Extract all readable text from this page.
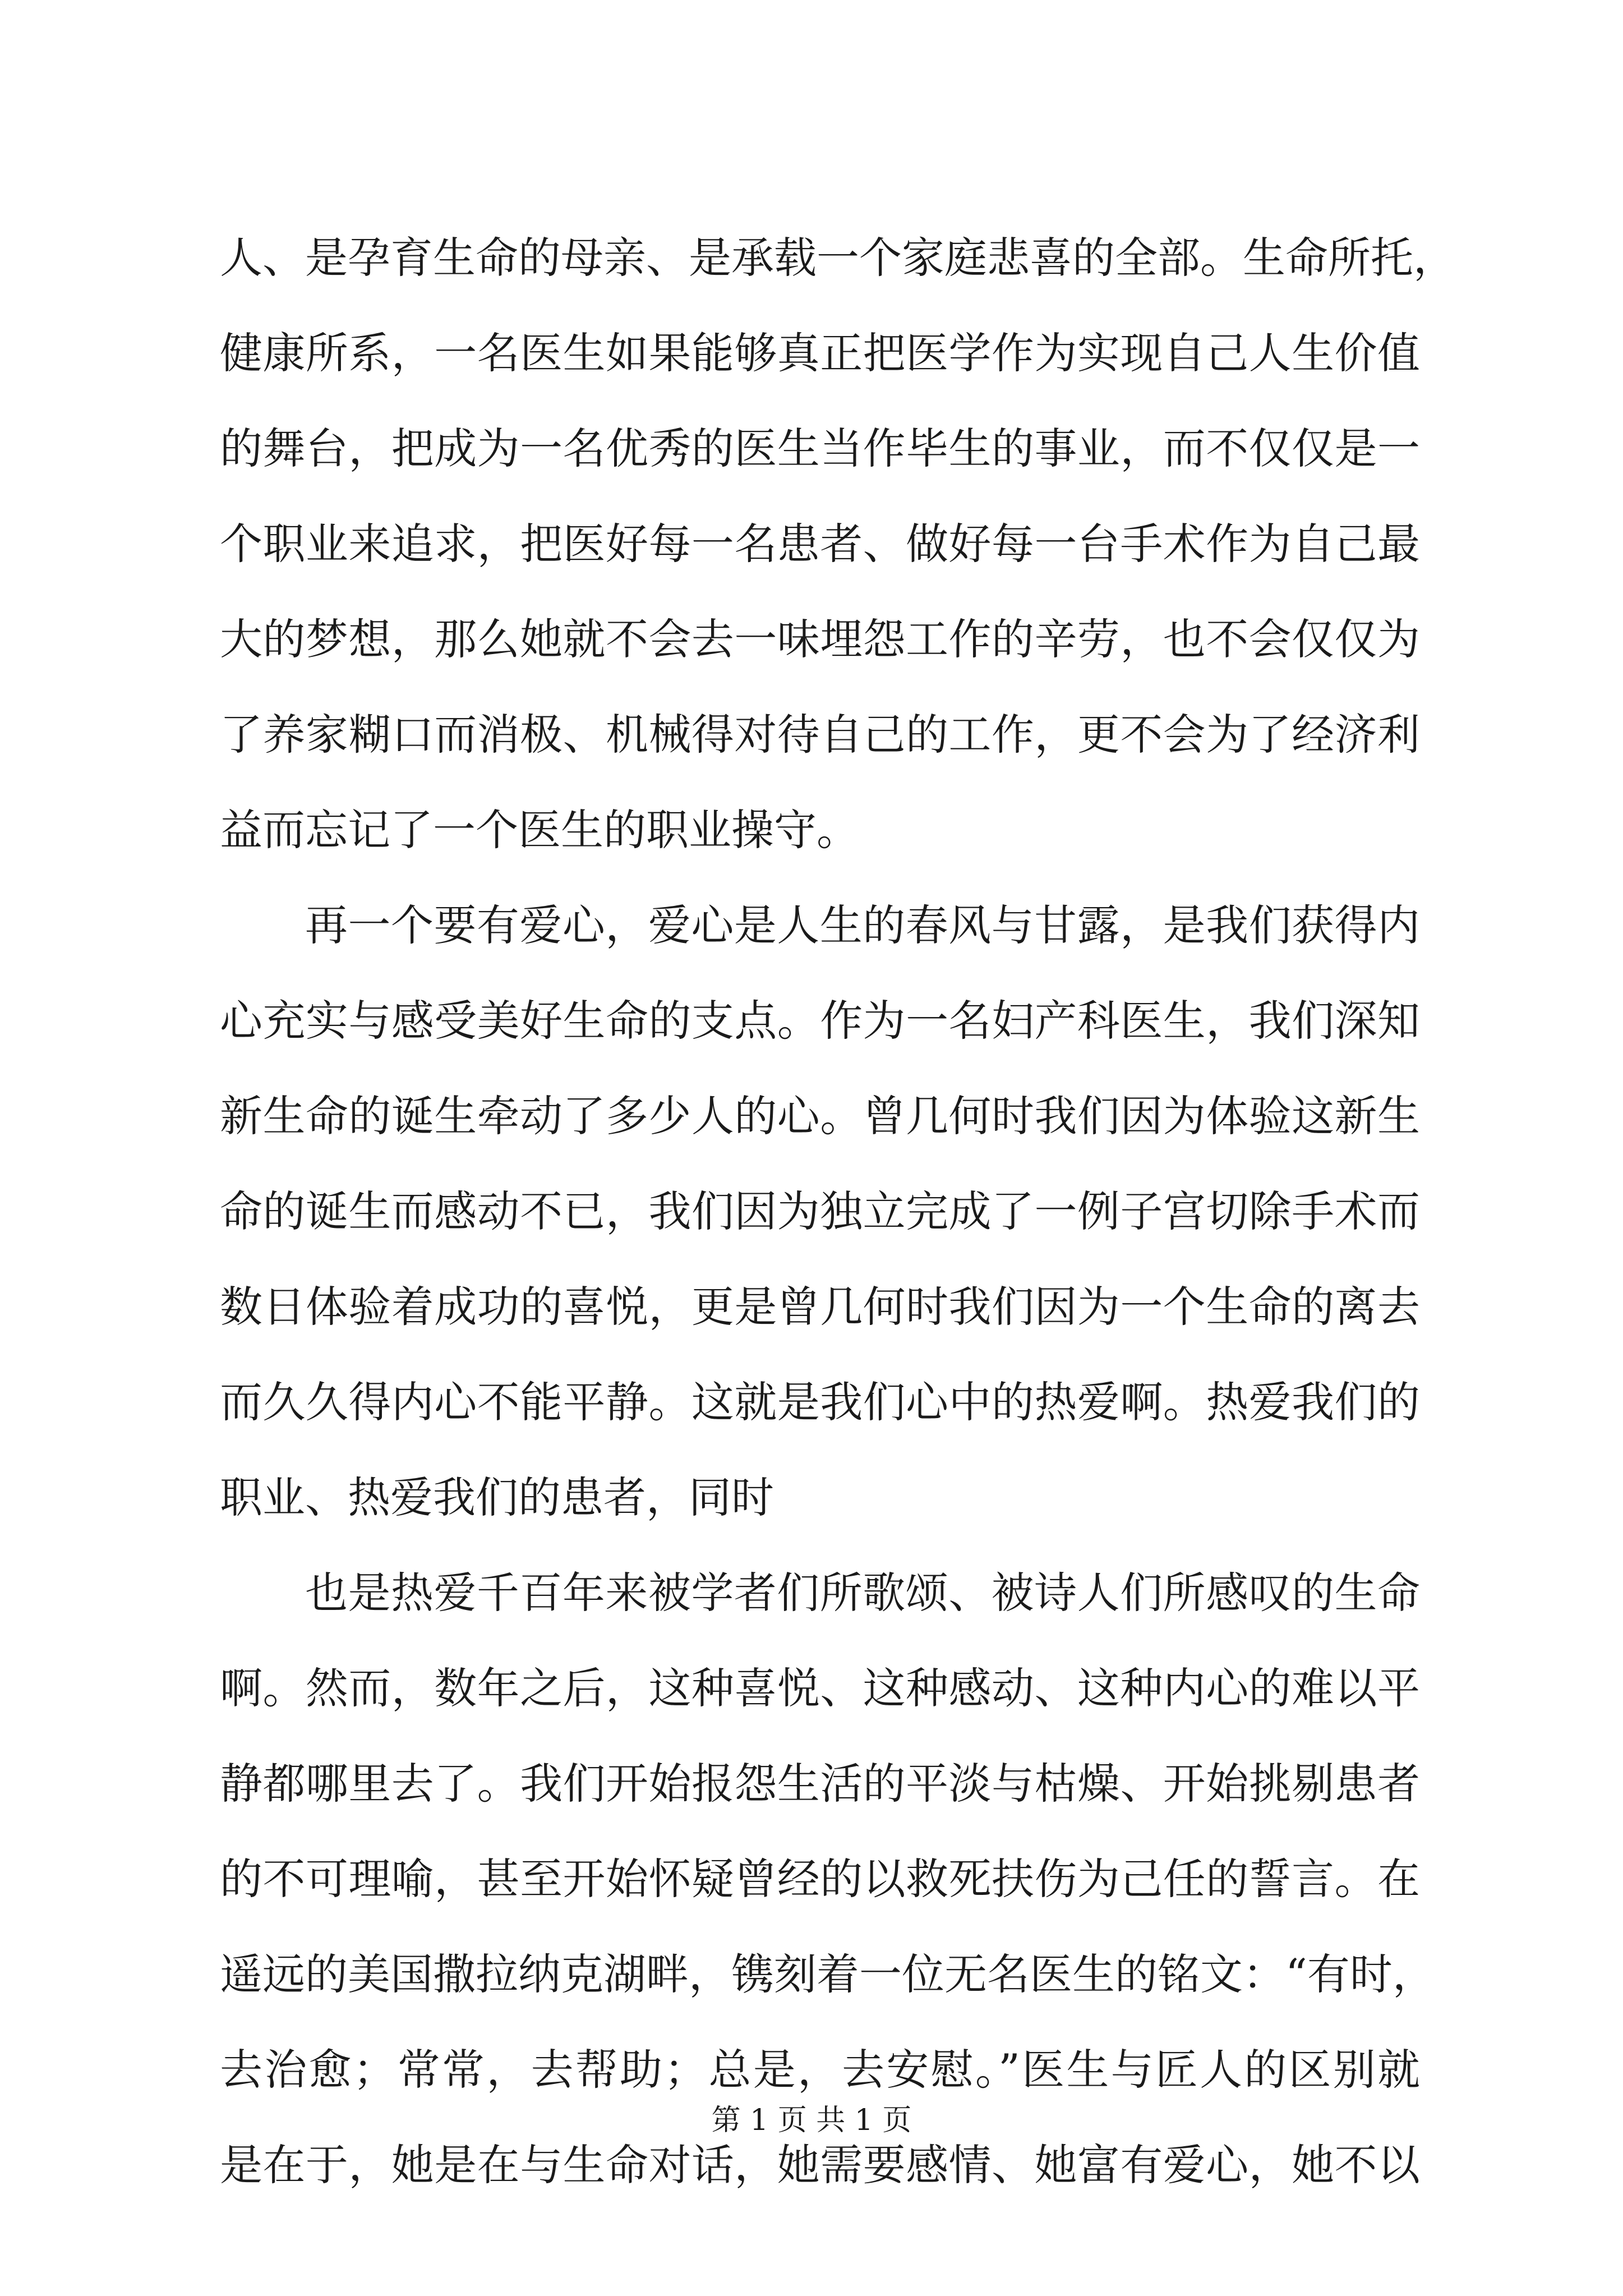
人、是孕育生命的母亲、是承载一个家庭悲喜的全部。生命所托，
健康所系，一名医生如果能够真正把医学作为实现自己人生价值
的舞台，把成为一名优秀的医生当作毕生的事业，而不仅仅是一
个职业来追求，把医好每一名患者、做好每一台手术作为自己最
大的梦想，那么她就不会去一味埋怨工作的辛劳，也不会仅仅为
了养家糊口而消极、机械得对待自己的工作，更不会为了经济利
益而忘记了一个医生的职业操守。
再一个要有爱心，爱心是人生的春风与甘露，是我们获得内
心充实与感受美好生命的支点。作为一名妇产科医生，我们深知
新生命的诞生牵动了多少人的心。曾几何时我们因为体验这新生
命的诞生而感动不已，我们因为独立完成了一例子宫切除手术而
数日体验着成功的喜悦，更是曾几何时我们因为一个生命的离去
而久久得内心不能平静。这就是我们心中的热爱啊。热爱我们的
职业、热爱我们的患者，同时
也是热爱千百年来被学者们所歌颂、被诗人们所感叹的生命
啊。然而，数年之后，这种喜悦、这种感动、这种内心的难以平
静都哪里去了。我们开始报怨生活的平淡与枯燥、开始挑剔患者
的不可理喻，甚至开始怀疑曾经的以救死扶伤为己任的誓言。在
遥远的美国撒拉纳克湖畔，镌刻着一位无名医生的铭文：“有时，
去治愈；常常，去帮助；总是，去安慰。”医生与匠人的区别就
是在于，她是在与生命对话，她需要感情、她富有爱心，她不以
第 1 页 共 1 页
